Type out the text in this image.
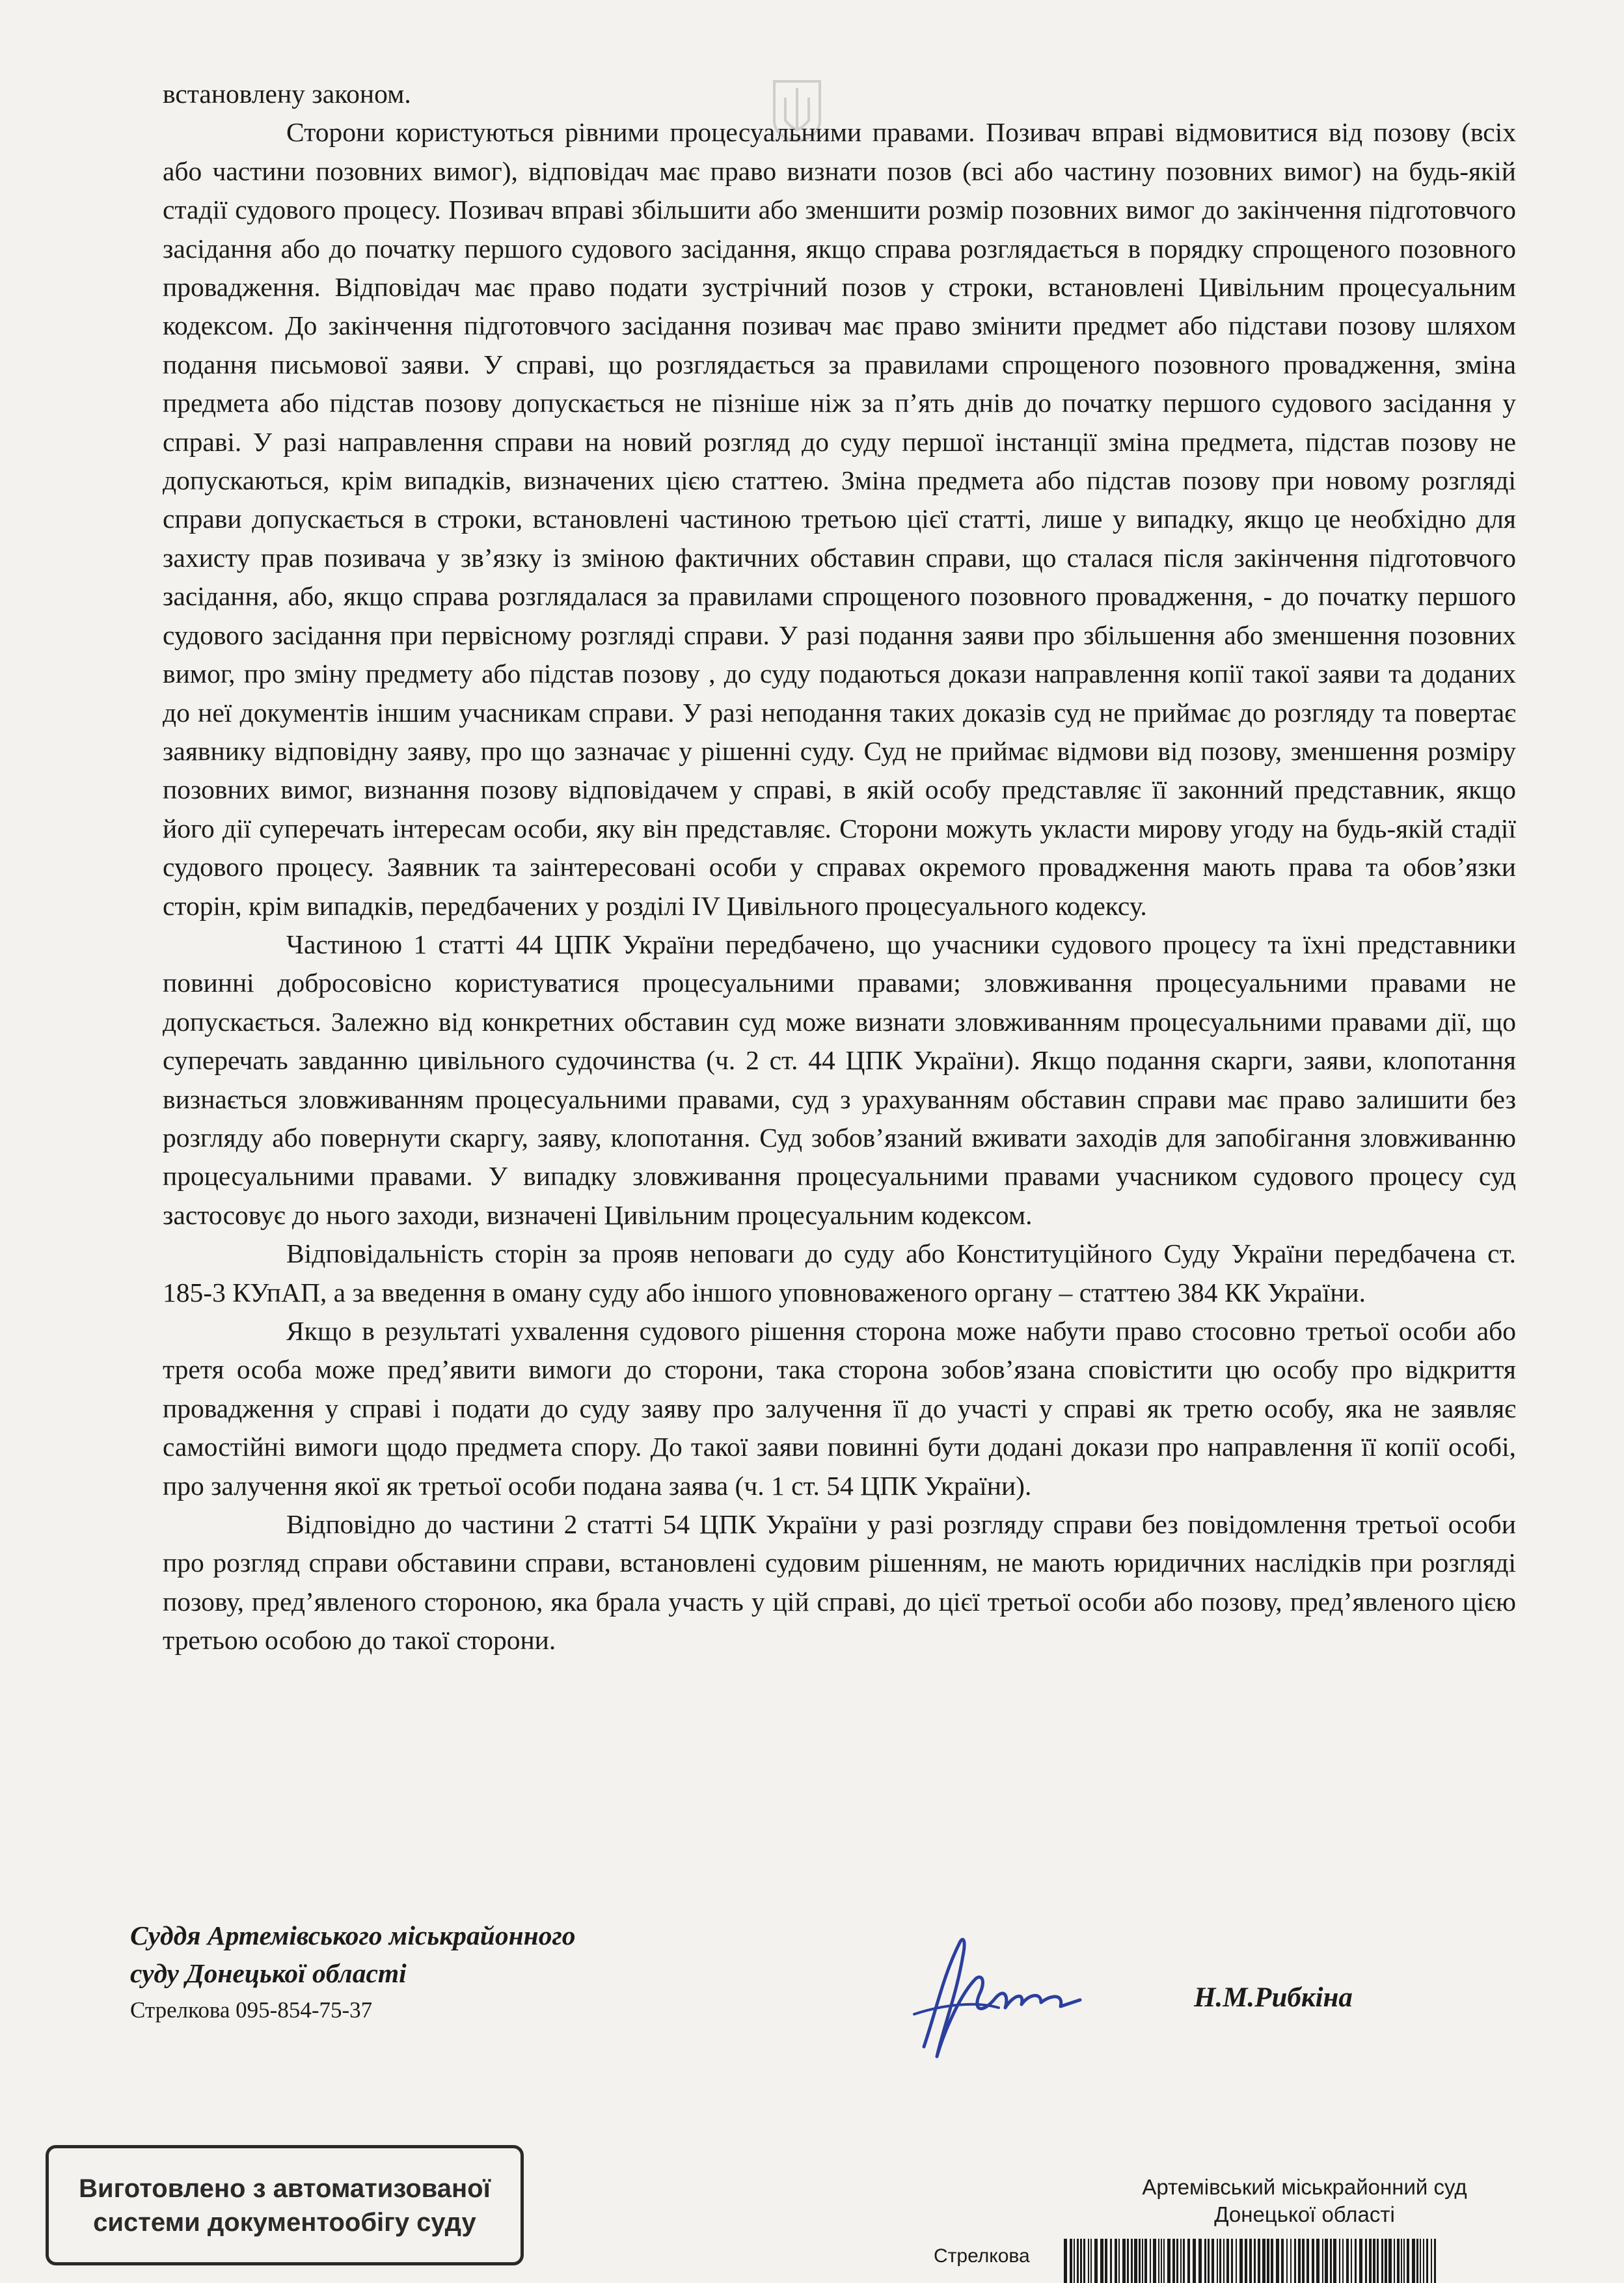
встановлену законом.

Сторони користуються рівними процесуальними правами. Позивач вправі відмовитися від позову (всіх або частини позовних вимог), відповідач має право визнати позов (всі або частину позовних вимог) на будь-якій стадії судового процесу. Позивач вправі збільшити або зменшити розмір позовних вимог до закінчення підготовчого засідання або до початку першого судового засідання, якщо справа розглядається в порядку спрощеного позовного провадження. Відповідач має право подати зустрічний позов у строки, встановлені Цивільним процесуальним кодексом. До закінчення підготовчого засідання позивач має право змінити предмет або підстави позову шляхом подання письмової заяви. У справі, що розглядається за правилами спрощеного позовного провадження, зміна предмета або підстав позову допускається не пізніше ніж за п’ять днів до початку першого судового засідання у справі. У разі направлення справи на новий розгляд до суду першої інстанції зміна предмета, підстав позову не допускаються, крім випадків, визначених цією статтею. Зміна предмета або підстав позову при новому розгляді справи допускається в строки, встановлені частиною третьою цієї статті, лише у випадку, якщо це необхідно для захисту прав позивача у зв’язку із зміною фактичних обставин справи, що сталася після закінчення підготовчого засідання, або, якщо справа розглядалася за правилами спрощеного позовного провадження, - до початку першого судового засідання при первісному розгляді справи. У разі подання заяви про збільшення або зменшення позовних вимог, про зміну предмету або підстав позову , до суду подаються докази направлення копії такої заяви та доданих до неї документів іншим учасникам справи. У разі неподання таких доказів суд не приймає до розгляду та повертає заявнику відповідну заяву, про що зазначає у рішенні суду. Суд не приймає відмови від позову, зменшення розміру позовних вимог, визнання позову відповідачем у справі, в якій особу представляє її законний представник, якщо його дії суперечать інтересам особи, яку він представляє. Сторони можуть укласти мирову угоду на будь-якій стадії судового процесу. Заявник та заінтересовані особи у справах окремого провадження мають права та обов’язки сторін, крім випадків, передбачених у розділі IV Цивільного процесуального кодексу.

Частиною 1 статті 44 ЦПК України передбачено, що учасники судового процесу та їхні представники повинні добросовісно користуватися процесуальними правами; зловживання процесуальними правами не допускається. Залежно від конкретних обставин суд може визнати зловживанням процесуальними правами дії, що суперечать завданню цивільного судочинства (ч. 2 ст. 44 ЦПК України). Якщо подання скарги, заяви, клопотання визнається зловживанням процесуальними правами, суд з урахуванням обставин справи має право залишити без розгляду або повернути скаргу, заяву, клопотання. Суд зобов’язаний вживати заходів для запобігання зловживанню процесуальними правами. У випадку зловживання процесуальними правами учасником судового процесу суд застосовує до нього заходи, визначені Цивільним процесуальним кодексом.

Відповідальність сторін за прояв неповаги до суду або Конституційного Суду України передбачена ст. 185-3 КУпАП, а за введення в оману суду або іншого уповноваженого органу – статтею 384 КК України.

Якщо в результаті ухвалення судового рішення сторона може набути право стосовно третьої особи або третя особа може пред’явити вимоги до сторони, така сторона зобов’язана сповістити цю особу про відкриття провадження у справі і подати до суду заяву про залучення її до участі у справі як третю особу, яка не заявляє самостійні вимоги щодо предмета спору. До такої заяви повинні бути додані докази про направлення її копії особі, про залучення якої як третьої особи подана заява (ч. 1 ст. 54 ЦПК України).

Відповідно до частини 2 статті 54 ЦПК України у разі розгляду справи без повідомлення третьої особи про розгляд справи обставини справи, встановлені судовим рішенням, не мають юридичних наслідків при розгляді позову, пред’явленого стороною, яка брала участь у цій справі, до цієї третьої особи або позову, пред’явленого цією третьою особою до такої сторони.

Суддя Артемівського міськрайонного

суду Донецької області

Стрелкова 095-854-75-37	Н.М.Рибкіна
Виготовлено з автоматизованої
системи документообігу суду
Артемівський міськрайонний суд
Донецької області
Стрелкова
